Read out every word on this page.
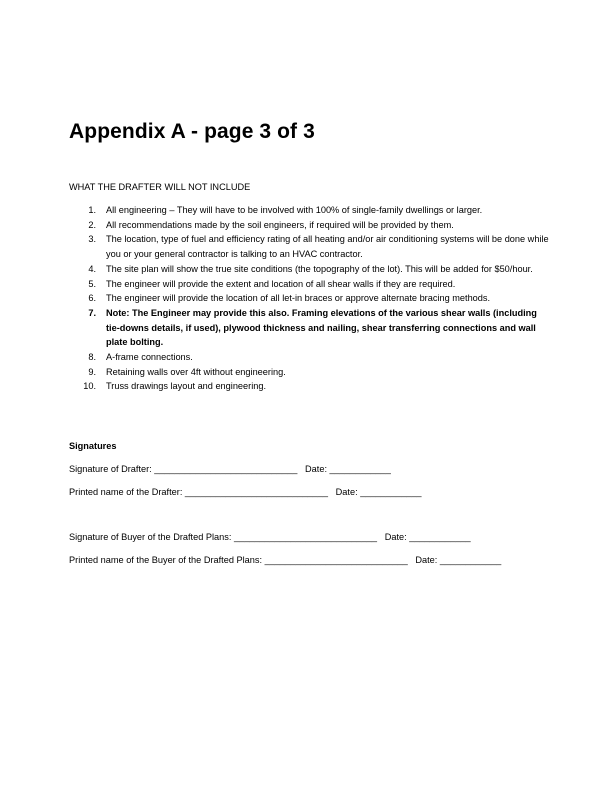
Appendix A - page 3 of 3
WHAT THE DRAFTER WILL NOT INCLUDE
1. All engineering – They will have to be involved with 100% of single-family dwellings or larger.
2. All recommendations made by the soil engineers, if required will be provided by them.
3. The location, type of fuel and efficiency rating of all heating and/or air conditioning systems will be done while you or your general contractor is talking to an HVAC contractor.
4. The site plan will show the true site conditions (the topography of the lot). This will be added for $50/hour.
5. The engineer will provide the extent and location of all shear walls if they are required.
6. The engineer will provide the location of all let-in braces or approve alternate bracing methods.
7. Note: The Engineer may provide this also. Framing elevations of the various shear walls (including tie-downs details, if used), plywood thickness and nailing, shear transferring connections and wall plate bolting.
8. A-frame connections.
9. Retaining walls over 4ft without engineering.
10. Truss drawings layout and engineering.
Signatures
Signature of Drafter: ____________________________ Date: ____________
Printed name of the Drafter: ____________________________ Date: ____________
Signature of Buyer of the Drafted Plans: ____________________________ Date: ____________
Printed name of the Buyer of the Drafted Plans: ____________________________ Date: ____________
